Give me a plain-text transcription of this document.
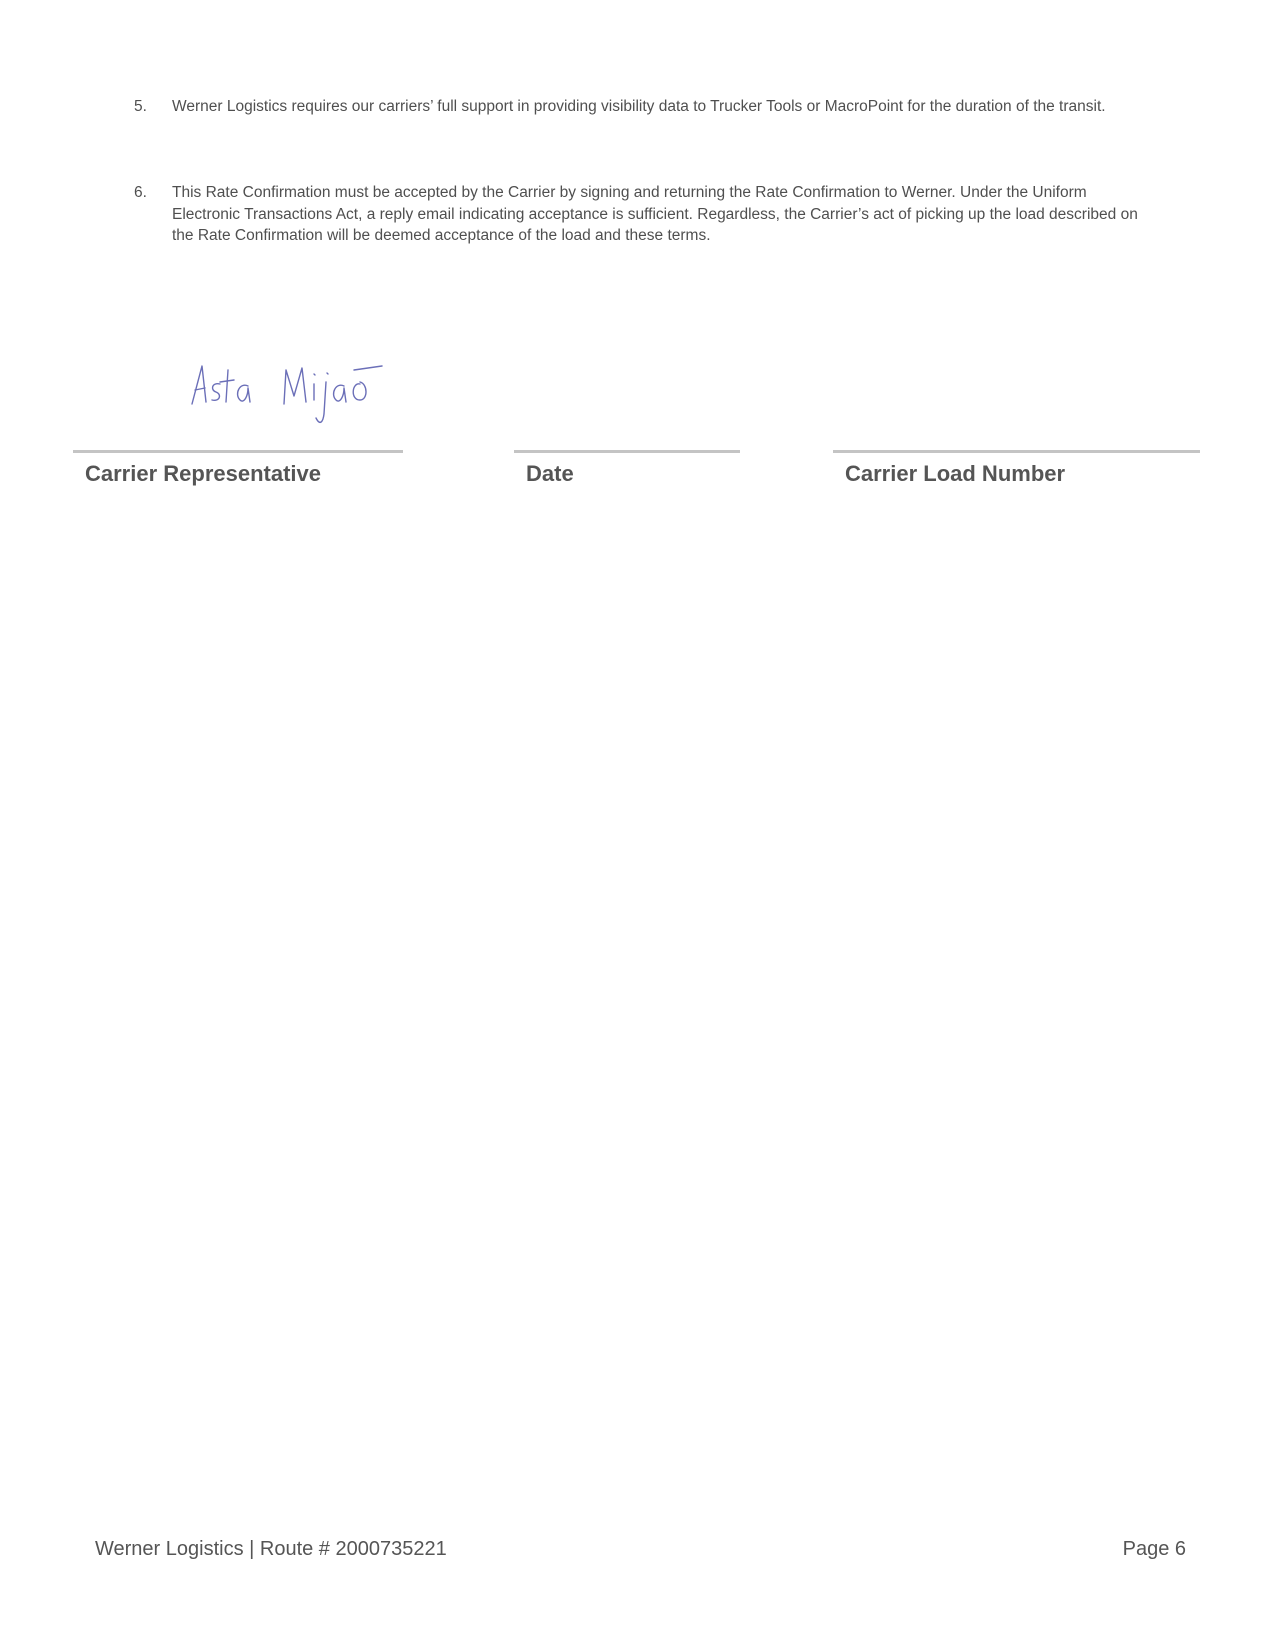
5.	Werner Logistics requires our carriers’ full support in providing visibility data to Trucker Tools or MacroPoint for the duration of the transit.
6.	This Rate Confirmation must be accepted by the Carrier by signing and returning the Rate Confirmation to Werner. Under the Uniform Electronic Transactions Act, a reply email indicating acceptance is sufficient. Regardless, the Carrier’s act of picking up the load described on the Rate Confirmation will be deemed acceptance of the load and these terms.
Carrier Representative	Date	Carrier Load Number
Werner Logistics | Route # 2000735221	Page 6
